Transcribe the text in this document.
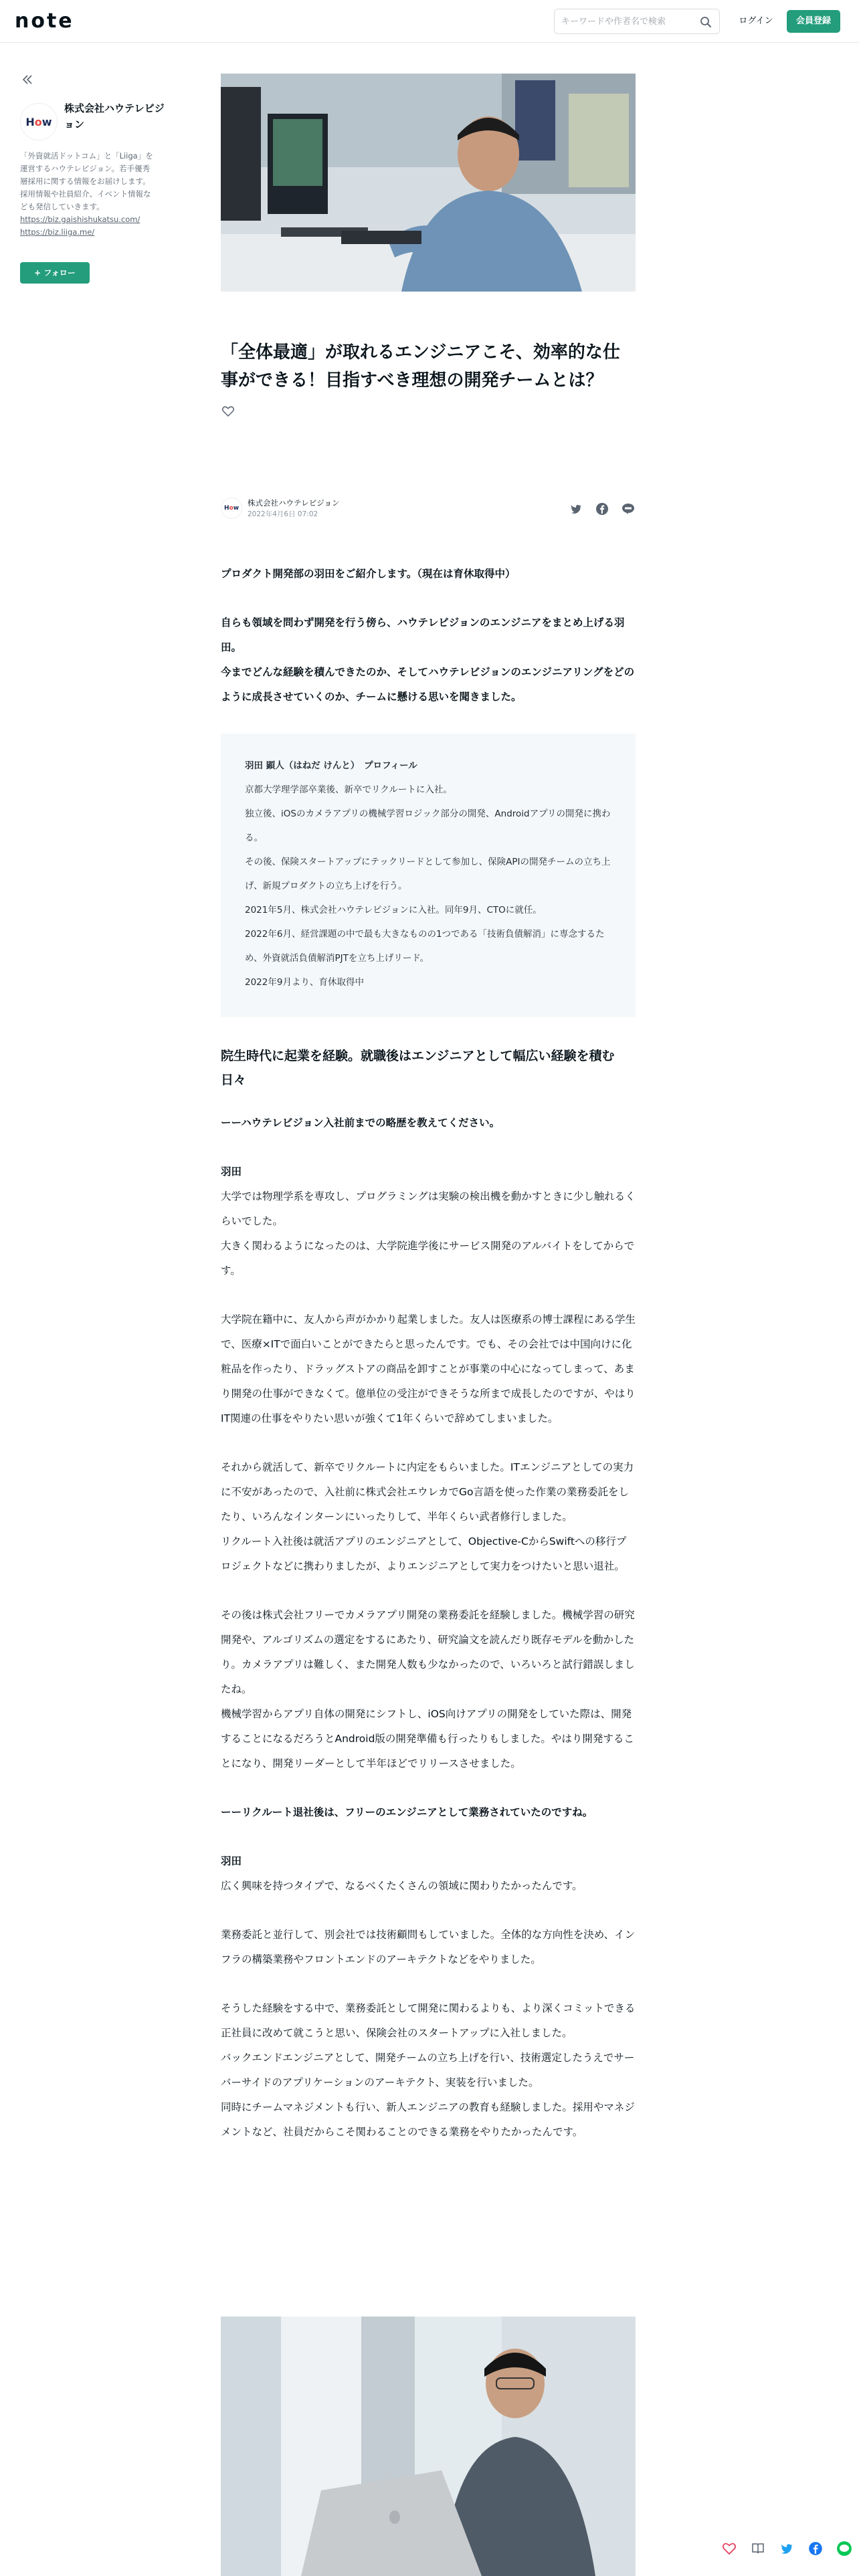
note
キーワードや作者名で検索	ログイン	会員登録
How
株式会社ハウテレビジョン
「外資就活ドットコム」と「Liiga」を運営するハウテレビジョン。若手優秀層採用に関する情報をお届けします。採用情報や社員紹介、イベント情報なども発信していきます。
https://biz.gaishishukatsu.com/
https://biz.liiga.me/
+ フォロー
「全体最適」が取れるエンジニアこそ、効率的な仕事ができる！目指すべき理想の開発チームとは？
How
株式会社ハウテレビジョン
2022年4月6日 07:02

プロダクト開発部の羽田をご紹介します。（現在は育休取得中）

自らも領域を問わず開発を行う傍ら、ハウテレビジョンのエンジニアをまとめ上げる羽田。
今までどんな経験を積んできたのか、そしてハウテレビジョンのエンジニアリングをどのように成長させていくのか、チームに懸ける思いを聞きました。

羽田 顕人（はねだ けんと）　プロフィール
京都大学理学部卒業後、新卒でリクルートに入社。
独立後、iOSのカメラアプリの機械学習ロジック部分の開発、Androidアプリの開発に携わる。
その後、保険スタートアップにテックリードとして参加し、保険APIの開発チームの立ち上げ、新規プロダクトの立ち上げを行う。
2021年5月、株式会社ハウテレビジョンに入社。同年9月、CTOに就任。
2022年6月、経営課題の中で最も大きなものの1つである「技術負債解消」に専念するため、外資就活負債解消PJTを立ち上げリード。
2022年9月より、育休取得中
院生時代に起業を経験。就職後はエンジニアとして幅広い経験を積む日々
ーーハウテレビジョン入社前までの略歴を教えてください。
羽田

大学では物理学系を専攻し、プログラミングは実験の検出機を動かすときに少し触れるくらいでした。
大きく関わるようになったのは、大学院進学後にサービス開発のアルバイトをしてからです。

大学院在籍中に、友人から声がかかり起業しました。友人は医療系の博士課程にある学生で、医療×ITで面白いことができたらと思ったんです。でも、その会社では中国向けに化粧品を作ったり、ドラッグストアの商品を卸すことが事業の中心になってしまって、あまり開発の仕事ができなくて。億単位の受注ができそうな所まで成長したのですが、やはりIT関連の仕事をやりたい思いが強くて1年くらいで辞めてしまいました。

それから就活して、新卒でリクルートに内定をもらいました。ITエンジニアとしての実力に不安があったので、入社前に株式会社エウレカでGo言語を使った作業の業務委託をしたり、いろんなインターンにいったりして、半年くらい武者修行しました。
リクルート入社後は就活アプリのエンジニアとして、Objective-CからSwiftへの移行プロジェクトなどに携わりましたが、よりエンジニアとして実力をつけたいと思い退社。

その後は株式会社フリーでカメラアプリ開発の業務委託を経験しました。機械学習の研究開発や、アルゴリズムの選定をするにあたり、研究論文を読んだり既存モデルを動かしたり。カメラアプリは難しく、また開発人数も少なかったので、いろいろと試行錯誤しましたね。
機械学習からアプリ自体の開発にシフトし、iOS向けアプリの開発をしていた際は、開発することになるだろうとAndroid版の開発準備も行ったりもしました。やはり開発することになり、開発リーダーとして半年ほどでリリースさせました。

ーーリクルート退社後は、フリーのエンジニアとして業務されていたのですね。
羽田

広く興味を持つタイプで、なるべくたくさんの領域に関わりたかったんです。

業務委託と並行して、別会社では技術顧問もしていました。全体的な方向性を決め、インフラの構築業務やフロントエンドのアーキテクトなどをやりました。

そうした経験をする中で、業務委託として開発に関わるよりも、より深くコミットできる正社員に改めて就こうと思い、保険会社のスタートアップに入社しました。
バックエンドエンジニアとして、開発チームの立ち上げを行い、技術選定したうえでサーバーサイドのアプリケーションのアーキテクト、実装を行いました。
同時にチームマネジメントも行い、新人エンジニアの教育も経験しました。採用やマネジメントなど、社員だからこそ関わることのできる業務をやりたかったんです。
